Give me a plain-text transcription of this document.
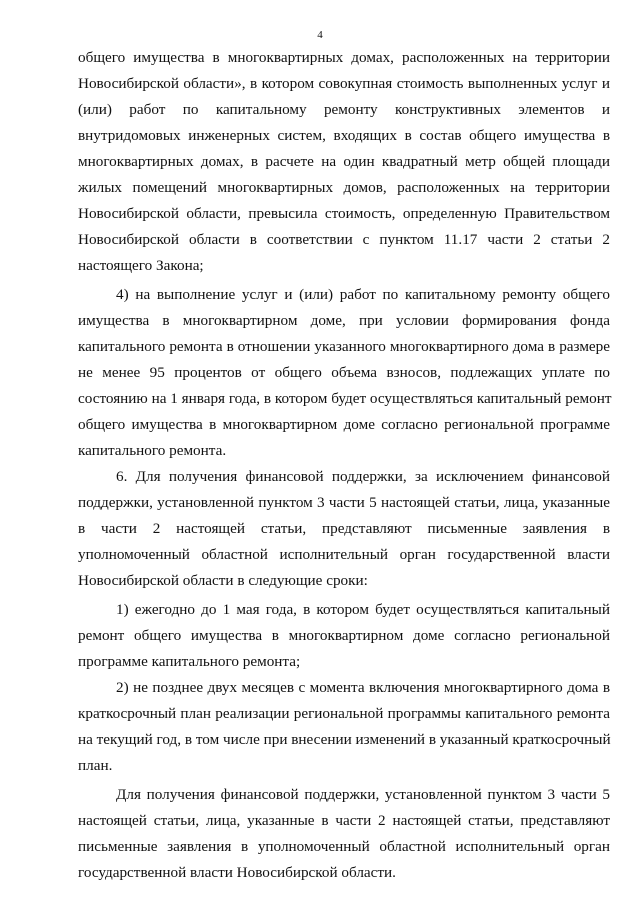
4
общего имущества в многоквартирных домах, расположенных на территории
Новосибирской области», в котором совокупная стоимость выполненных услуг и
(или) работ по капитальному ремонту конструктивных элементов и
внутридомовых инженерных систем, входящих в состав общего имущества в
многоквартирных домах, в расчете на один квадратный метр общей площади
жилых помещений многоквартирных домов, расположенных на территории
Новосибирской области, превысила стоимость, определенную Правительством
Новосибирской области в соответствии с пунктом 11.17 части 2 статьи 2
настоящего Закона;
4) на выполнение услуг и (или) работ по капитальному ремонту общего
имущества в многоквартирном доме, при условии формирования фонда
капитального ремонта в отношении указанного многоквартирного дома в размере
не менее 95 процентов от общего объема взносов, подлежащих уплате по
состоянию на 1 января года, в котором будет осуществляться капитальный ремонт
общего имущества в многоквартирном доме согласно региональной программе
капитального ремонта.
6. Для получения финансовой поддержки, за исключением финансовой
поддержки, установленной пунктом 3 части 5 настоящей статьи, лица, указанные
в части 2 настоящей статьи, представляют письменные заявления в
уполномоченный областной исполнительный орган государственной власти
Новосибирской области в следующие сроки:
1) ежегодно до 1 мая года, в котором будет осуществляться капитальный
ремонт общего имущества в многоквартирном доме согласно региональной
программе капитального ремонта;
2) не позднее двух месяцев с момента включения многоквартирного дома в
краткосрочный план реализации региональной программы капитального ремонта
на текущий год, в том числе при внесении изменений в указанный краткосрочный
план.
Для получения финансовой поддержки, установленной пунктом 3 части 5
настоящей статьи, лица, указанные в части 2 настоящей статьи, представляют
письменные заявления в уполномоченный областной исполнительный орган
государственной власти Новосибирской области.
